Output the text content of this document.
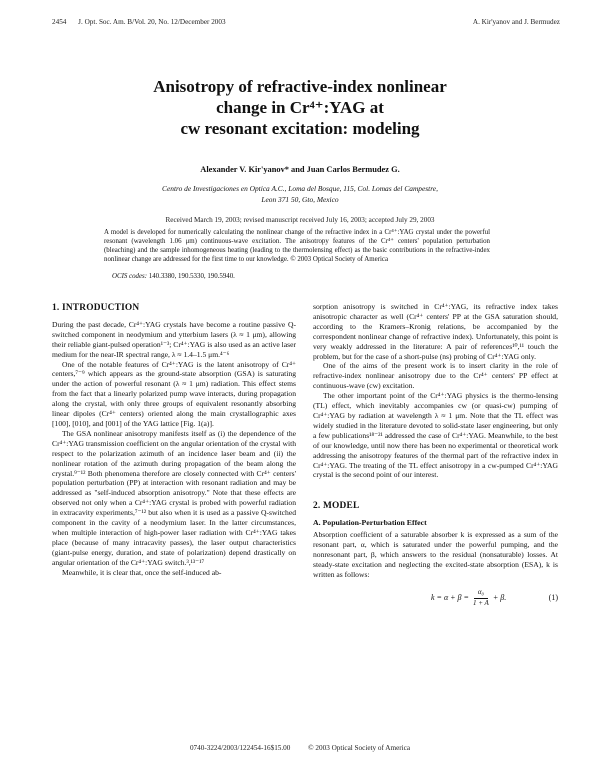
2454 J. Opt. Soc. Am. B/Vol. 20, No. 12/December 2003	A. Kir'yanov and J. Bermudez
Anisotropy of refractive-index nonlinear
change in Cr⁴⁺:YAG at
cw resonant excitation: modeling
Alexander V. Kir'yanov* and Juan Carlos Bermudez G.
Centro de Investigaciones en Optica A.C., Loma del Bosque, 115, Col. Lomas del Campestre,
Leon 371 50, Gto, Mexico
Received March 19, 2003; revised manuscript received July 16, 2003; accepted July 29, 2003
A model is developed for numerically calculating the nonlinear change of the refractive index in a Cr⁴⁺:YAG crystal under the powerful resonant (wavelength 1.06 μm) continuous-wave excitation. The anisotropy features of the Cr⁴⁺ centers' population perturbation (bleaching) and the sample inhomogeneous heating (leading to the thermolensing effect) as the basic contributions in the refractive-index nonlinear change are addressed for the first time to our knowledge. © 2003 Optical Society of America
OCIS codes: 140.3380, 190.5330, 190.5940.
1. INTRODUCTION

During the past decade, Cr⁴⁺:YAG crystals have become a routine passive Q-switched component in neodymium and ytterbium lasers (λ ≈ 1 μm), allowing their reliable giant-pulsed operation¹⁻³; Cr⁴⁺:YAG is also used as an active laser medium for the near-IR spectral range, λ ≈ 1.4–1.5 μm.⁴⁻⁶

One of the notable features of Cr⁴⁺:YAG is the latent anisotropy of Cr⁴⁺ centers,⁷⁻⁹ which appears as the ground-state absorption (GSA) is saturating under the action of powerful resonant (λ ≈ 1 μm) radiation. This effect stems from the fact that a linearly polarized pump wave interacts, during propagation along the crystal, with only three groups of equivalent resonantly absorbing linear dipoles (Cr⁴⁺ centers) oriented along the main crystallographic axes [100], [010], and [001] of the YAG lattice [Fig. 1(a)].

The GSA nonlinear anisotropy manifests itself as (i) the dependence of the Cr⁴⁺:YAG transmission coefficient on the angular orientation of the crystal with respect to the polarization azimuth of an incidence laser beam and (ii) the nonlinear rotation of the azimuth during propagation of the beam along the crystal.⁹⁻¹² Both phenomena therefore are closely connected with Cr⁴⁺ centers' population perturbation (PP) at interaction with resonant radiation and may be addressed as "self-induced absorption anisotropy." Note that these effects are observed not only when a Cr⁴⁺:YAG crystal is probed with powerful radiation in extracavity experiments,⁷⁻¹² but also when it is used as a passive Q-switched component in the cavity of a neodymium laser. In the latter circumstances, when multiple interaction of high-power laser radiation with Cr⁴⁺:YAG takes place (because of many intracavity passes), the laser output characteristics (giant-pulse energy, duration, and state of polarization) depend drastically on angular orientation of the Cr⁴⁺:YAG switch.³,¹³⁻¹⁷

Meanwhile, it is clear that, once the self-induced ab-

sorption anisotropy is switched in Cr⁴⁺:YAG, its refractive index takes anisotropic character as well (Cr⁴⁺ centers' PP at the GSA saturation should, according to the Kramers–Kronig relations, be accompanied by the correspondent nonlinear change of refractive index). Unfortunately, this point is very weakly addressed in the literature: A pair of references¹⁰,¹¹ touch the problem, but for the case of a short-pulse (ns) probing of Cr⁴⁺:YAG only.

One of the aims of the present work is to insert clarity in the role of refractive-index nonlinear anisotropy due to the Cr⁴⁺ centers' PP effect at continuous-wave (cw) excitation.

The other important point of the Cr⁴⁺:YAG physics is the thermo-lensing (TL) effect, which inevitably accompanies cw (or quasi-cw) pumping of Cr⁴⁺:YAG by radiation at wavelength λ ≈ 1 μm. Note that the TL effect was widely studied in the literature devoted to solid-state laser engineering, but only a few publications¹⁸⁻²¹ addressed the case of Cr⁴⁺:YAG. Meanwhile, to the best of our knowledge, until now there has been no experimental or theoretical work addressing the anisotropy features of the thermal part of the refractive index in Cr⁴⁺:YAG. The treating of the TL effect anisotropy in a cw-pumped Cr⁴⁺:YAG crystal is the second point of our interest.

2. MODEL
A. Population-Perturbation Effect

Absorption coefficient of a saturable absorber k is expressed as a sum of the resonant part, α, which is saturated under the powerful pumping, and the nonresonant part, β, which answers to the residual (nonsaturable) losses. At steady-state excitation and neglecting the excited-state absorption (ESA), k is written as follows:

$k = \alpha + \beta = \frac{\text{α₀}}{1 + A} + \beta$.	(1)
0740-3224/2003/122454-16$15.00 © 2003 Optical Society of America
